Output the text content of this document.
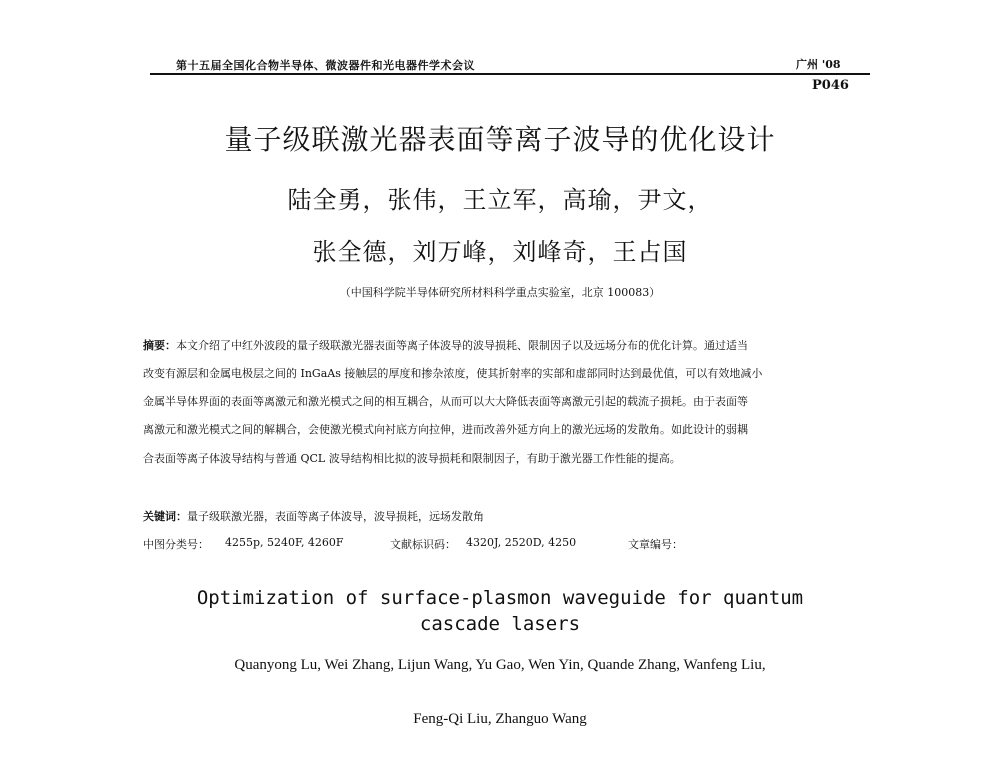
第十五届全国化合物半导体、微波器件和光电器件学术会议	广州 '08
P046
量子级联激光器表面等离子波导的优化设计
陆全勇，张伟，王立军，高瑜，尹文，
张全德，刘万峰，刘峰奇，王占国
（中国科学院半导体研究所材料科学重点实验室，北京 100083）
摘要：本文介绍了中红外波段的量子级联激光器表面等离子体波导的波导损耗、限制因子以及远场分布的优化计算。通过适当
改变有源层和金属电极层之间的 InGaAs 接触层的厚度和掺杂浓度，使其折射率的实部和虚部同时达到最优值，可以有效地减小
金属半导体界面的表面等离激元和激光模式之间的相互耦合，从而可以大大降低表面等离激元引起的载流子损耗。由于表面等
离激元和激光模式之间的解耦合，会使激光模式向衬底方向拉伸，进而改善外延方向上的激光远场的发散角。如此设计的弱耦
合表面等离子体波导结构与普通 QCL 波导结构相比拟的波导损耗和限制因子，有助于激光器工作性能的提高。
关键词：量子级联激光器，表面等离子体波导，波导损耗，远场发散角
中图分类号： 4255p, 5240F, 4260F	文献标识码： 4320J, 2520D, 4250	文章编号：
Optimization of surface-plasmon waveguide for quantum
cascade lasers
Quanyong Lu, Wei Zhang, Lijun Wang, Yu Gao, Wen Yin, Quande Zhang, Wanfeng Liu,
Feng-Qi Liu, Zhanguo Wang
